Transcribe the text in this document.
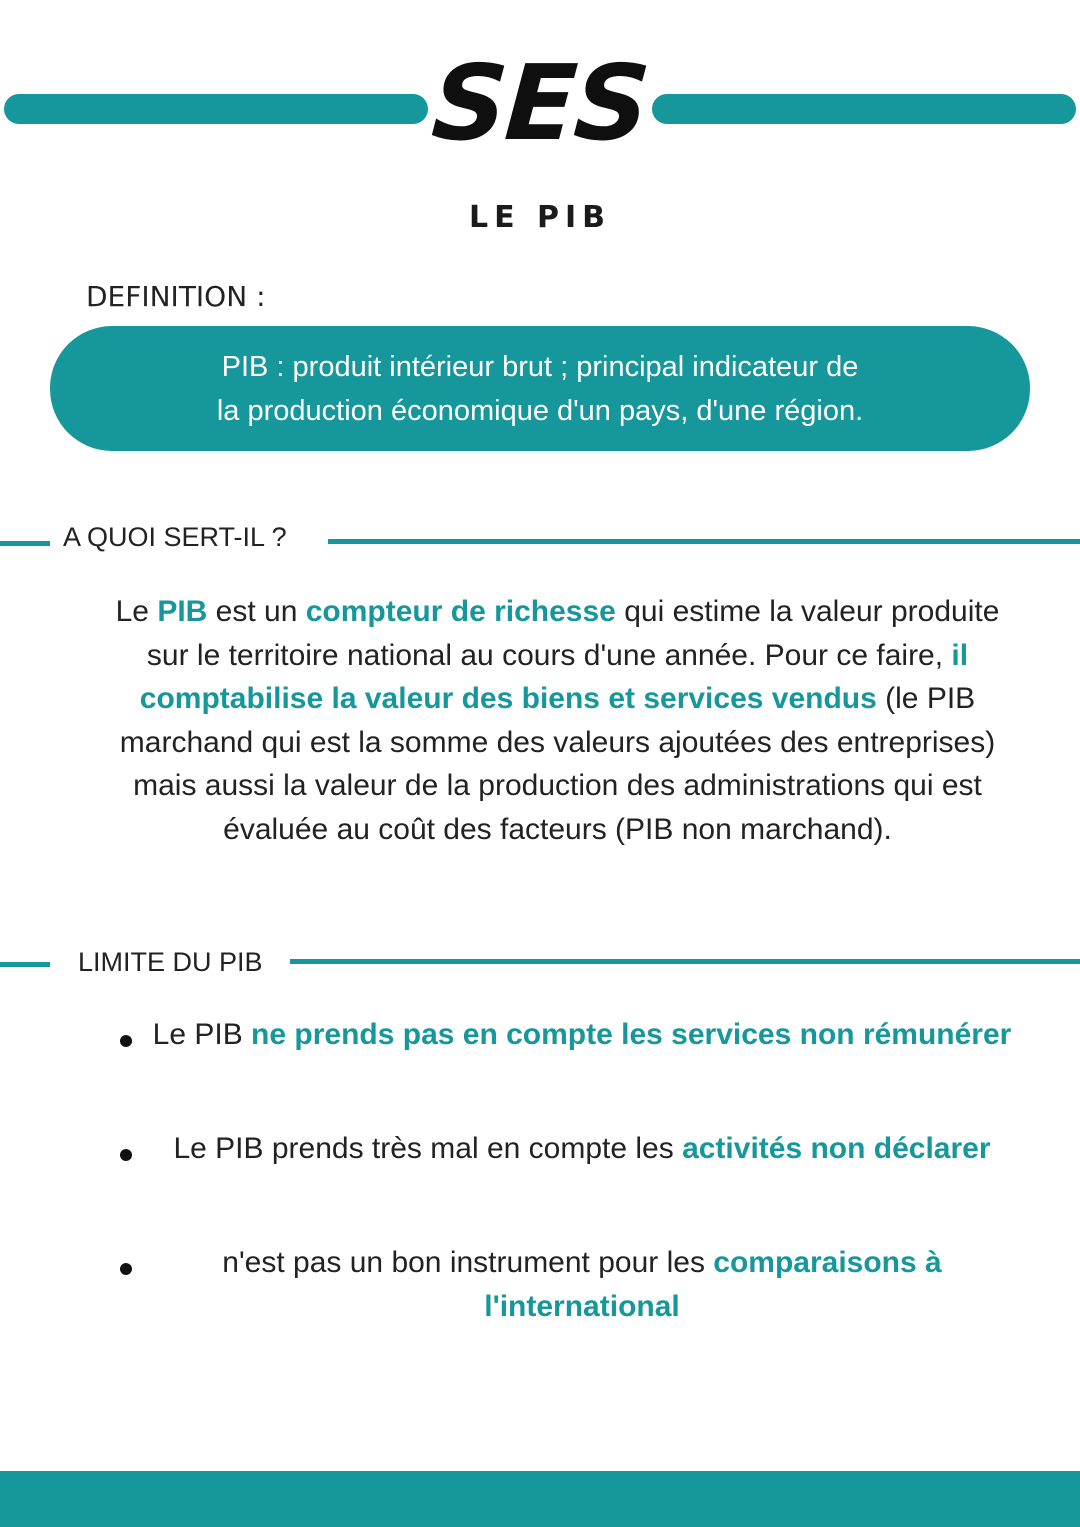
SES
LE PIB
DEFINITION :
PIB : produit intérieur brut ; principal indicateur de
la production économique d'un pays, d'une région.
A QUOI SERT-IL ?
Le PIB est un compteur de richesse qui estime la valeur produite sur le territoire national au cours d'une année. Pour ce faire, il comptabilise la valeur des biens et services vendus (le PIB marchand qui est la somme des valeurs ajoutées des entreprises) mais aussi la valeur de la production des administrations qui est évaluée au coût des facteurs (PIB non marchand).
LIMITE DU PIB
Le PIB ne prends pas en compte les services non rémunérer
Le PIB prends très mal en compte les activités non déclarer
n'est pas un bon instrument pour les comparaisons à l'international
